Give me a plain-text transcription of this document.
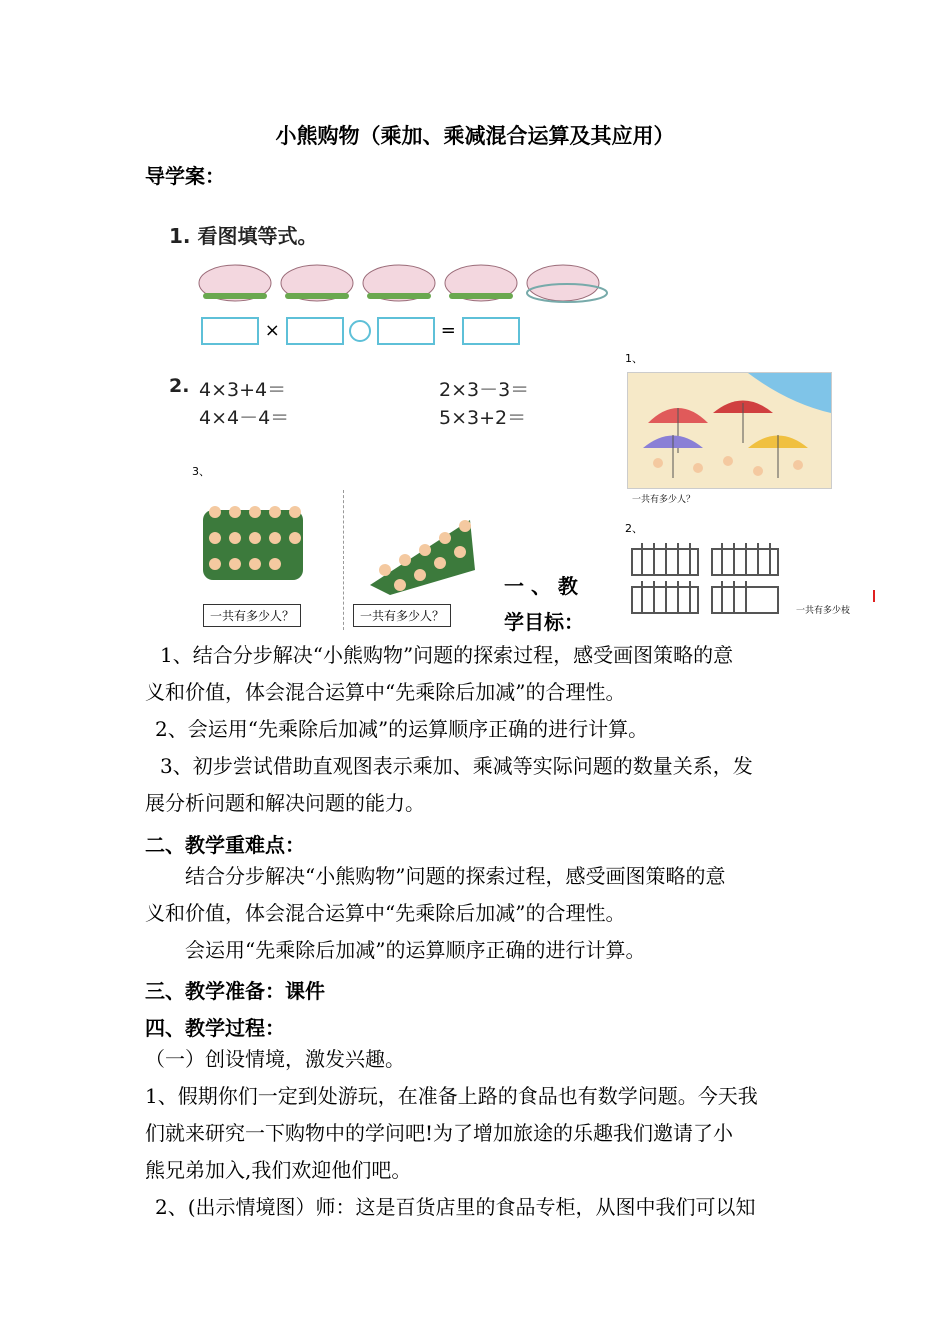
小熊购物（乘加、乘减混合运算及其应用）
导学案：
1. 看图填等式。
×	=
2. 4×3+4＝	2×3－3＝
4×4－4＝	5×3+2＝
3、
一共有多少人？	一共有多少人？
1、
一共有多少人？
2、
一共有多少枝
一 、 教
学目标：
1、结合分步解决“小熊购物”问题的探索过程，感受画图策略的意
义和价值，体会混合运算中“先乘除后加减”的合理性。
2、会运用“先乘除后加减”的运算顺序正确的进行计算。
3、初步尝试借助直观图表示乘加、乘减等实际问题的数量关系，发
展分析问题和解决问题的能力。
二、教学重难点：
结合分步解决“小熊购物”问题的探索过程，感受画图策略的意
义和价值，体会混合运算中“先乘除后加减”的合理性。
会运用“先乘除后加减”的运算顺序正确的进行计算。
三、教学准备：课件
四、教学过程：
（一）创设情境，激发兴趣。
1、假期你们一定到处游玩，在准备上路的食品也有数学问题。今天我
们就来研究一下购物中的学问吧!为了增加旅途的乐趣我们邀请了小
熊兄弟加入,我们欢迎他们吧。
2、(出示情境图）师：这是百货店里的食品专柜，从图中我们可以知
